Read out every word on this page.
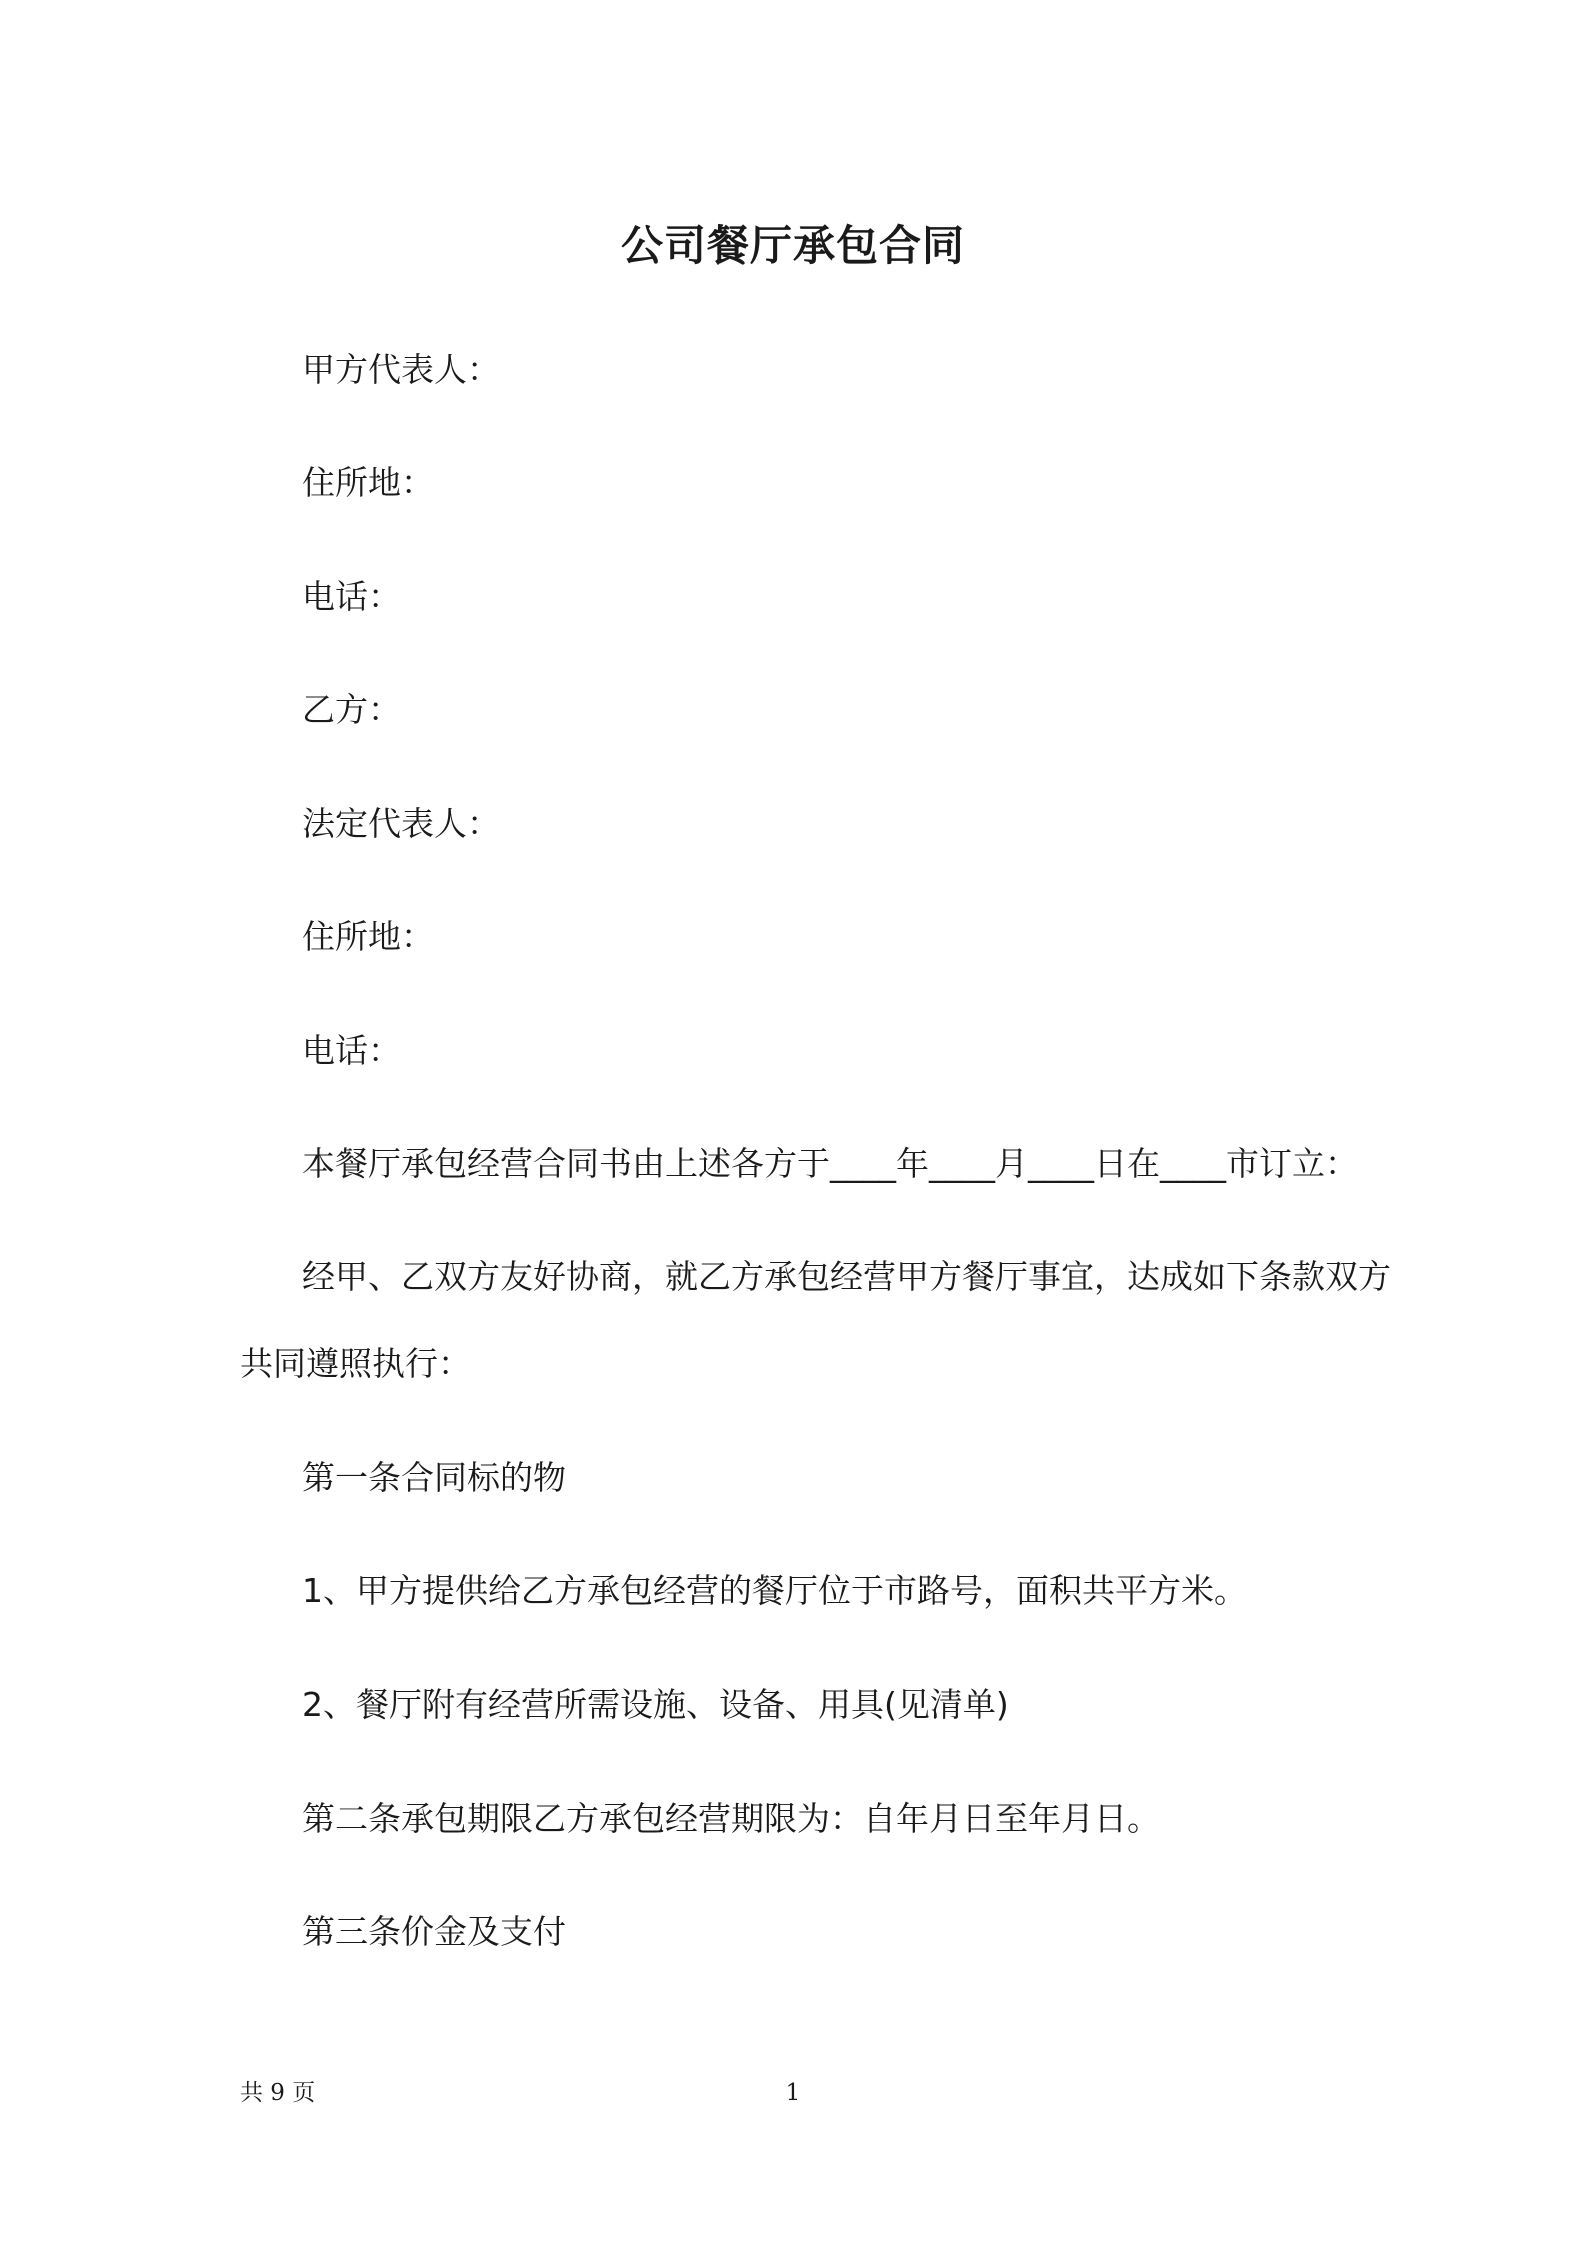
公司餐厅承包合同
甲方代表人：
住所地：
电话：
乙方：
法定代表人：
住所地：
电话：
本餐厅承包经营合同书由上述各方于____年____月____日在____市订立：
经甲、乙双方友好协商，就乙方承包经营甲方餐厅事宜，达成如下条款双方
共同遵照执行：
第一条合同标的物
1、甲方提供给乙方承包经营的餐厅位于市路号，面积共平方米。
2、餐厅附有经营所需设施、设备、用具(见清单)
第二条承包期限乙方承包经营期限为：自年月日至年月日。
第三条价金及支付
共 9 页	1
